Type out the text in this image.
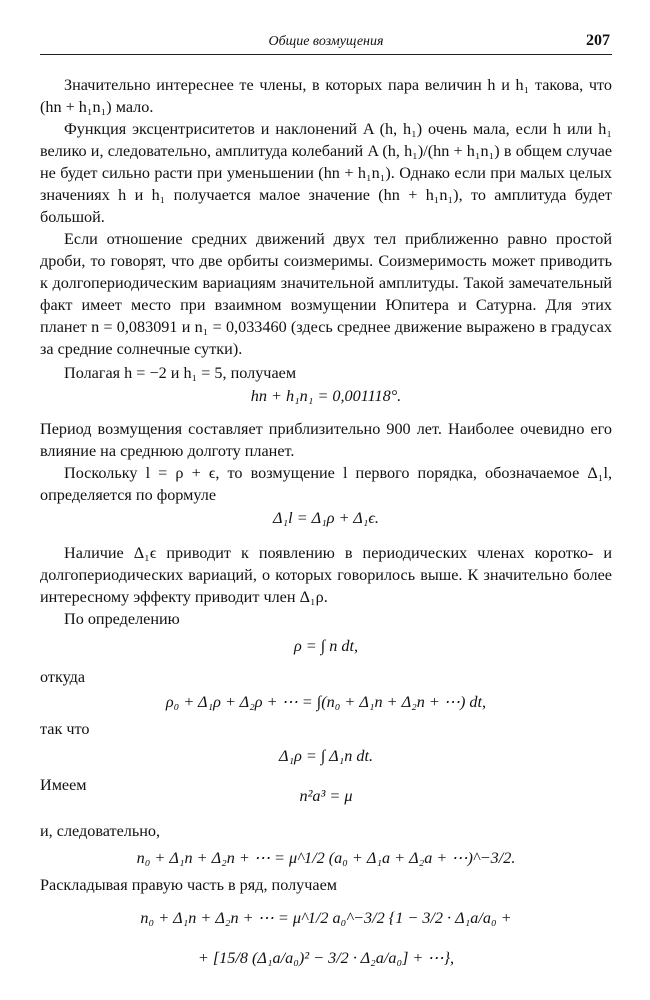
Общие возмущения	207
Значительно интереснее те члены, в которых пара величин h и h₁ такова, что (hn + h₁n₁) мало.
Функция эксцентриситетов и наклонений A (h, h₁) очень мала, если h или h₁ велико и, следовательно, амплитуда колебаний A (h, h₁)/(hn + h₁n₁) в общем случае не будет сильно расти при уменьшении (hn + h₁n₁). Однако если при малых целых значениях h и h₁ получается малое значение (hn + h₁n₁), то амплитуда будет большой.
Если отношение средних движений двух тел приближенно равно простой дроби, то говорят, что две орбиты соизмеримы. Соизмеримость может приводить к долгопериодическим вариациям значительной амплитуды. Такой замечательный факт имеет место при взаимном возмущении Юпитера и Сатурна. Для этих планет n = 0,083091 и n₁ = 0,033460 (здесь среднее движение выражено в градусах за средние солнечные сутки).
Полагая h = −2 и h₁ = 5, получаем
hn + h₁n₁ = 0,001118°.
Период возмущения составляет приблизительно 900 лет. Наиболее очевидно его влияние на среднюю долготу планет.
Поскольку l = ρ + ϵ, то возмущение l первого порядка, обозначаемое Δ₁l, определяется по формуле
Δ₁l = Δ₁ρ + Δ₁ϵ.
Наличие Δ₁ϵ приводит к появлению в периодических членах коротко- и долгопериодических вариаций, о которых говорилось выше. К значительно более интересному эффекту приводит член Δ₁ρ.
По определению
ρ = ∫ n dt,
откуда
ρ₀ + Δ₁ρ + Δ₂ρ + ⋯ = ∫(n₀ + Δ₁n + Δ₂n + ⋯) dt,
так что
Δ₁ρ = ∫ Δ₁n dt.
Имеем
n²a³ = μ
и, следовательно,
n₀ + Δ₁n + Δ₂n + ⋯ = μ^1/2 (a₀ + Δ₁a + Δ₂a + ⋯)^−3/2.
Раскладывая правую часть в ряд, получаем
n₀ + Δ₁n + Δ₂n + ⋯ = μ^1/2 a₀^−3/2 {1 − 3/2 · Δ₁a/a₀ +
+ [15/8 (Δ₁a/a₀)² − 3/2 · Δ₂a/a₀] + ⋯},
